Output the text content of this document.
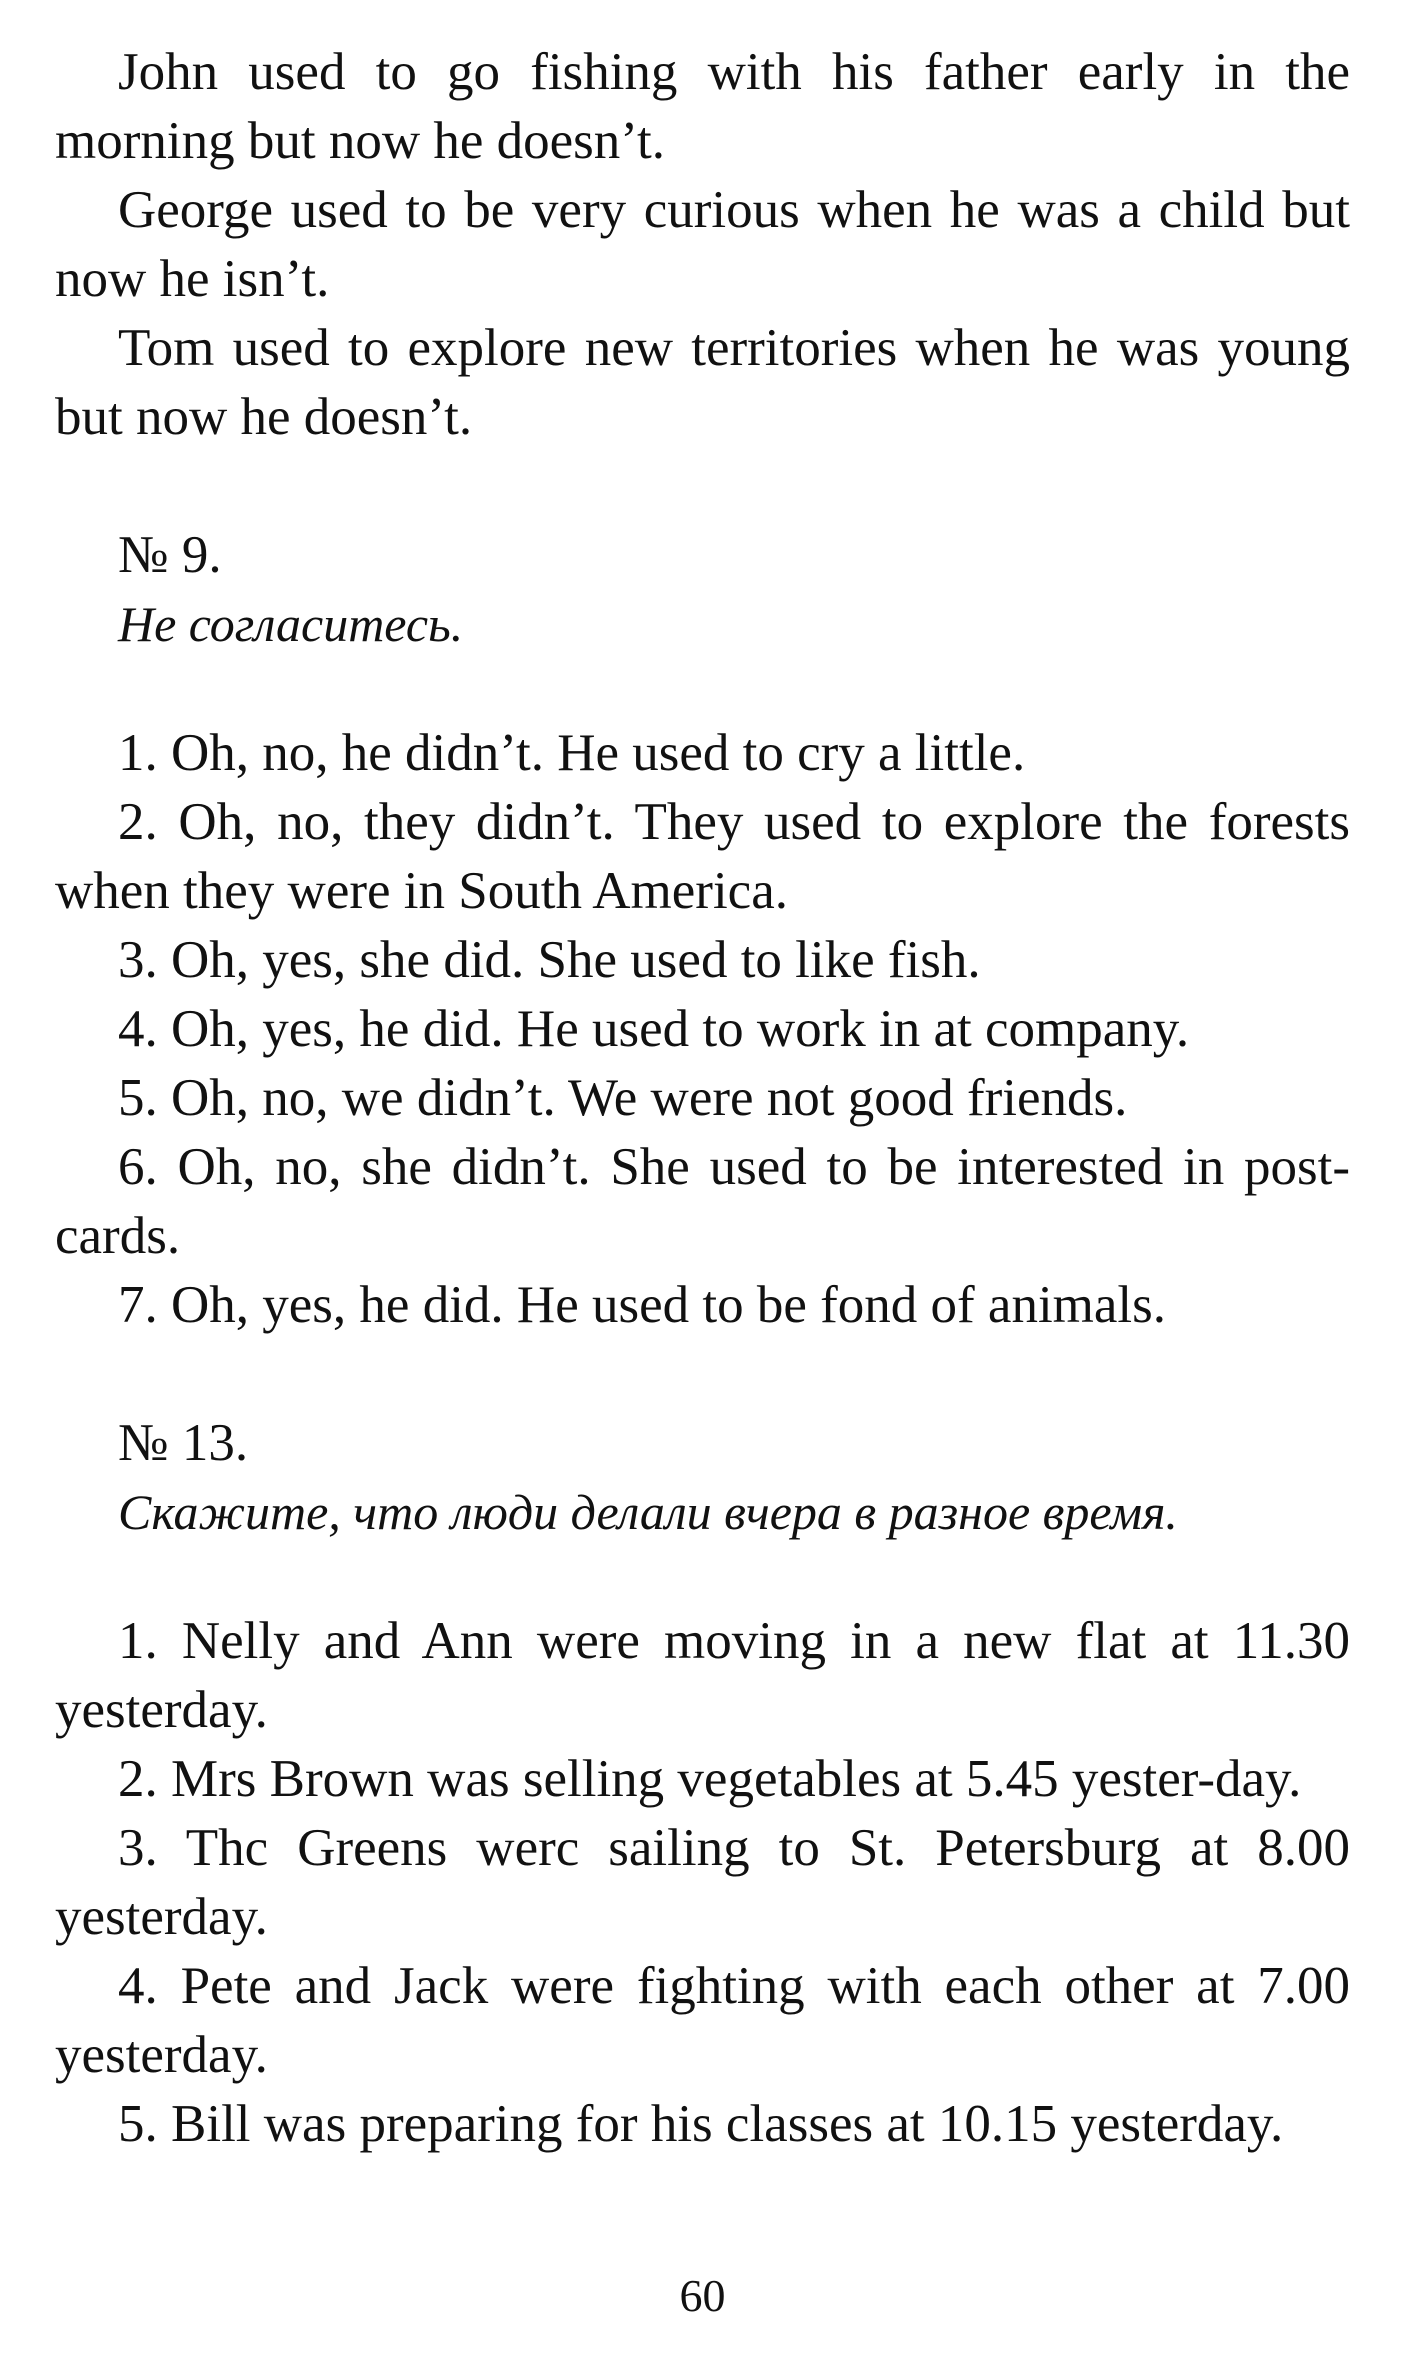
John used to go fishing with his father early in the morning but now he doesn’t.

George used to be very curious when he was a child but now he isn’t.

Tom used to explore new territories when he was young but now he doesn’t.

№ 9.

Не согласитесь.

1. Oh, no, he didn’t. He used to cry a little.

2. Oh, no, they didn’t. They used to explore the forests when they were in South America.

3. Oh, yes, she did. She used to like fish.

4. Oh, yes, he did. He used to work in at company.

5. Oh, no, we didn’t. We were not good friends.

6. Oh, no, she didn’t. She used to be interested in post-cards.

7. Oh, yes, he did. He used to be fond of animals.

№ 13.

Скажите, что люди делали вчера в разное время.

1. Nelly and Ann were moving in a new flat at 11.30 yesterday.

2. Mrs Brown was selling vegetables at 5.45 yester-day.

3. Thc Greens werc sailing to St. Petersburg at 8.00 yesterday.

4. Pete and Jack were fighting with each other at 7.00 yesterday.

5. Bill was preparing for his classes at 10.15 yesterday.

60
